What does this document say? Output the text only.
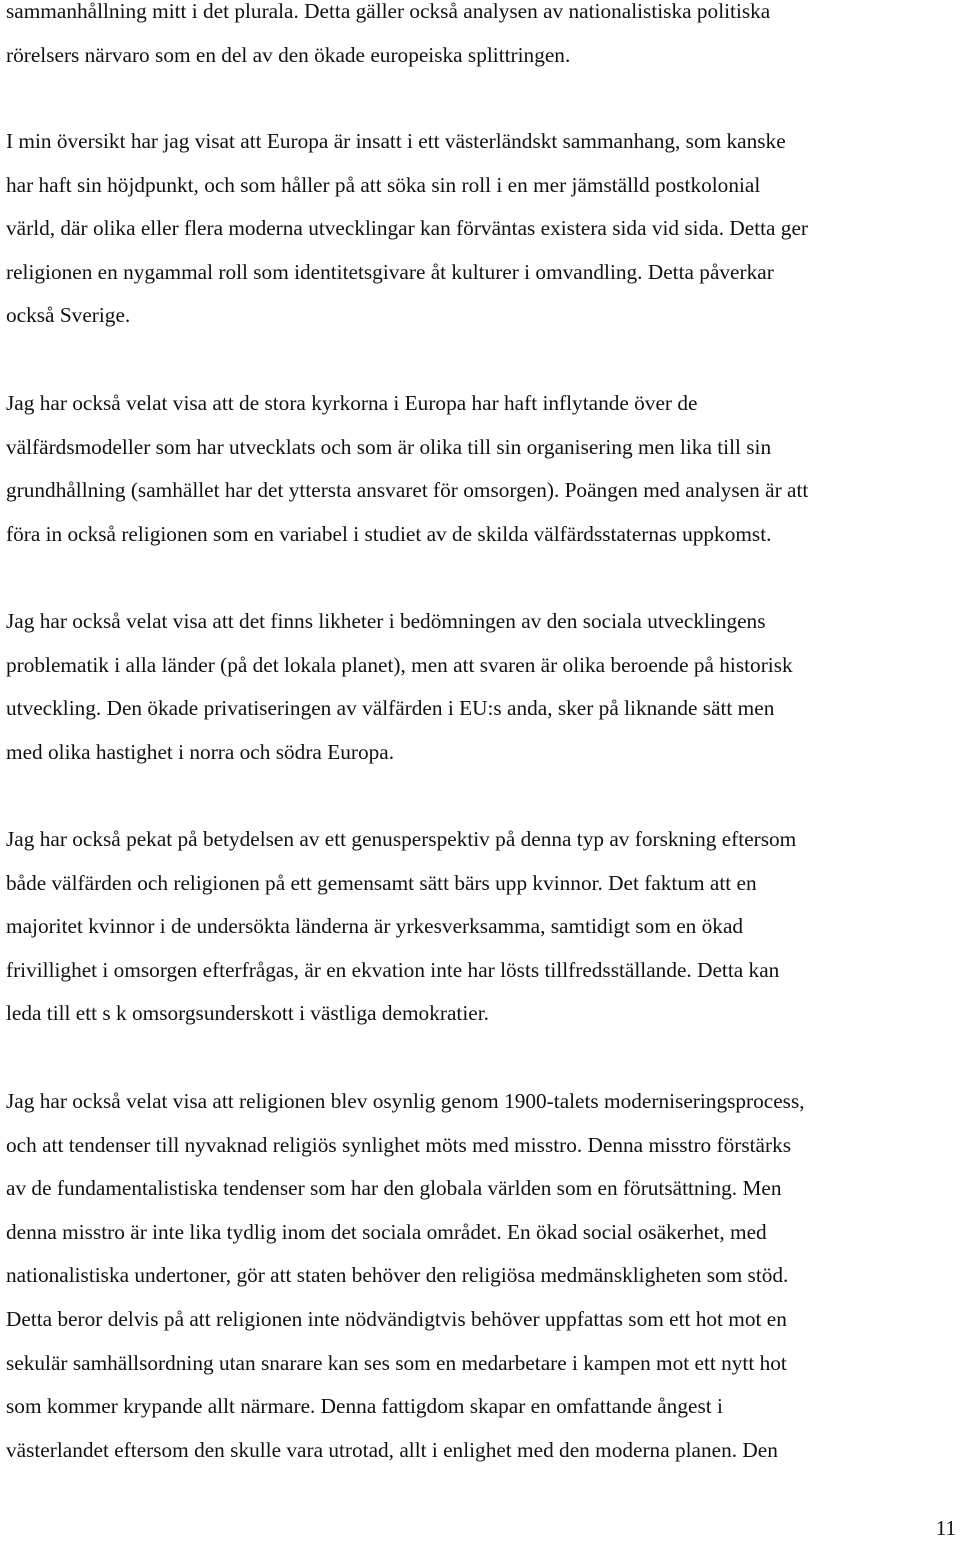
sammanhållning mitt i det plurala. Detta gäller också analysen av nationalistiska politiska
rörelsers närvaro som en del av den ökade europeiska splittringen.

I min översikt har jag visat att Europa är insatt i ett västerländskt sammanhang, som kanske
har haft sin höjdpunkt, och som håller på att söka sin roll i en mer jämställd postkolonial
värld, där olika eller flera moderna utvecklingar kan förväntas existera sida vid sida. Detta ger
religionen en nygammal roll som identitetsgivare åt kulturer i omvandling. Detta påverkar
också Sverige.

Jag har också velat visa att de stora kyrkorna i Europa har haft inflytande över de
välfärdsmodeller som har utvecklats och som är olika till sin organisering men lika till sin
grundhållning (samhället har det yttersta ansvaret för omsorgen). Poängen med analysen är att
föra in också religionen som en variabel i studiet av de skilda välfärdsstaternas uppkomst.

Jag har också velat visa att det finns likheter i bedömningen av den sociala utvecklingens
problematik i alla länder (på det lokala planet), men att svaren är olika beroende på historisk
utveckling. Den ökade privatiseringen av välfärden i EU:s anda, sker på liknande sätt men
med olika hastighet i norra och södra Europa.

Jag har också pekat på betydelsen av ett genusperspektiv på denna typ av forskning eftersom
både välfärden och religionen på ett gemensamt sätt bärs upp kvinnor. Det faktum att en
majoritet kvinnor i de undersökta länderna är yrkesverksamma, samtidigt som en ökad
frivillighet i omsorgen efterfrågas, är en ekvation inte har lösts tillfredsställande. Detta kan
leda till ett s k omsorgsunderskott i västliga demokratier.

Jag har också velat visa att religionen blev osynlig genom 1900-talets moderniseringsprocess,
och att tendenser till nyvaknad religiös synlighet möts med misstro. Denna misstro förstärks
av de fundamentalistiska tendenser som har den globala världen som en förutsättning. Men
denna misstro är inte lika tydlig inom det sociala området. En ökad social osäkerhet, med
nationalistiska undertoner, gör att staten behöver den religiösa medmänskligheten som stöd.
Detta beror delvis på att religionen inte nödvändigtvis behöver uppfattas som ett hot mot en
sekulär samhällsordning utan snarare kan ses som en medarbetare i kampen mot ett nytt hot
som kommer krypande allt närmare. Denna fattigdom skapar en omfattande ångest i
västerlandet eftersom den skulle vara utrotad, allt i enlighet med den moderna planen. Den

11
